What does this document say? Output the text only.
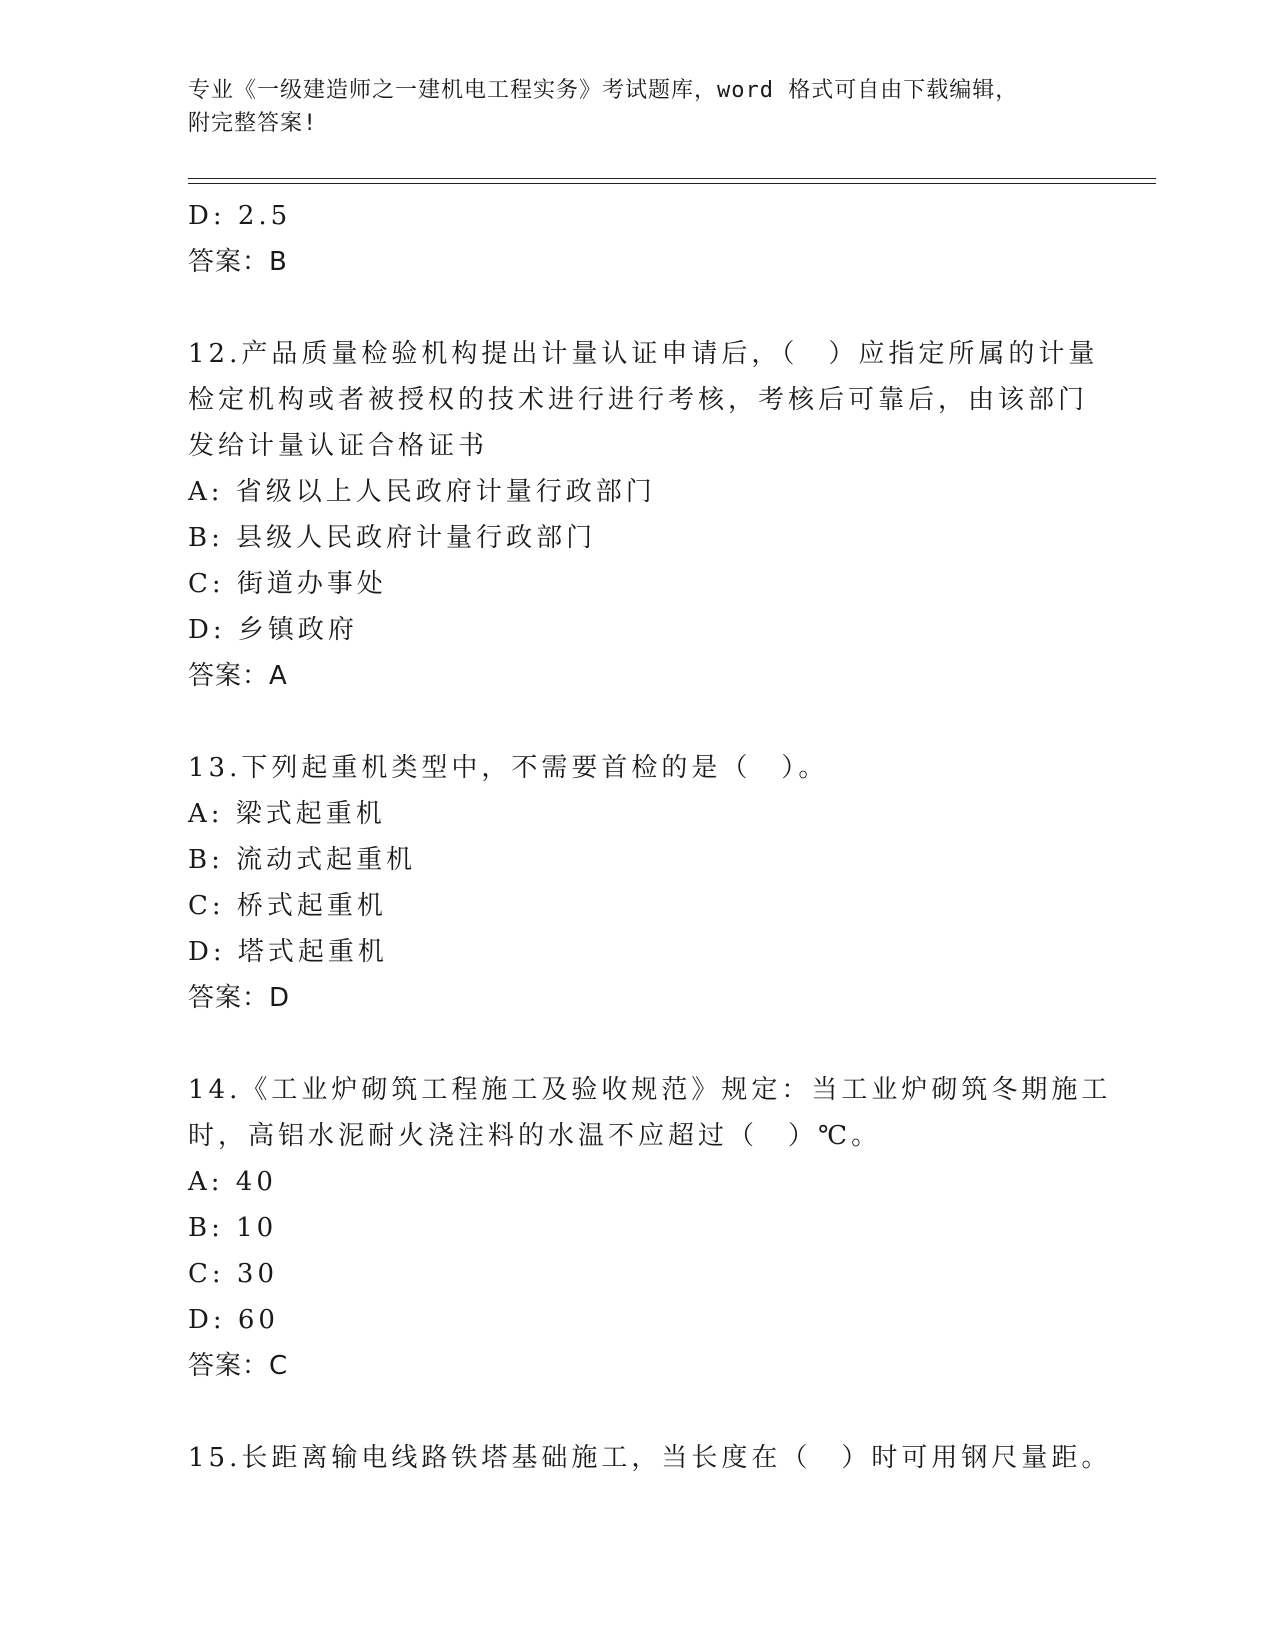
专业《一级建造师之一建机电工程实务》考试题库，word 格式可自由下载编辑，
附完整答案!
D: 2.5
答案：B
12.产品质量检验机构提出计量认证申请后，（　）应指定所属的计量
检定机构或者被授权的技术进行进行考核，考核后可靠后，由该部门
发给计量认证合格证书
A: 省级以上人民政府计量行政部门
B: 县级人民政府计量行政部门
C: 街道办事处
D: 乡镇政府
答案：A
13.下列起重机类型中，不需要首检的是（　）。
A: 梁式起重机
B: 流动式起重机
C: 桥式起重机
D: 塔式起重机
答案：D
14.《工业炉砌筑工程施工及验收规范》规定：当工业炉砌筑冬期施工
时，高铝水泥耐火浇注料的水温不应超过（　）℃。
A: 40
B: 10
C: 30
D: 60
答案：C
15.长距离输电线路铁塔基础施工，当长度在（　）时可用钢尺量距。
